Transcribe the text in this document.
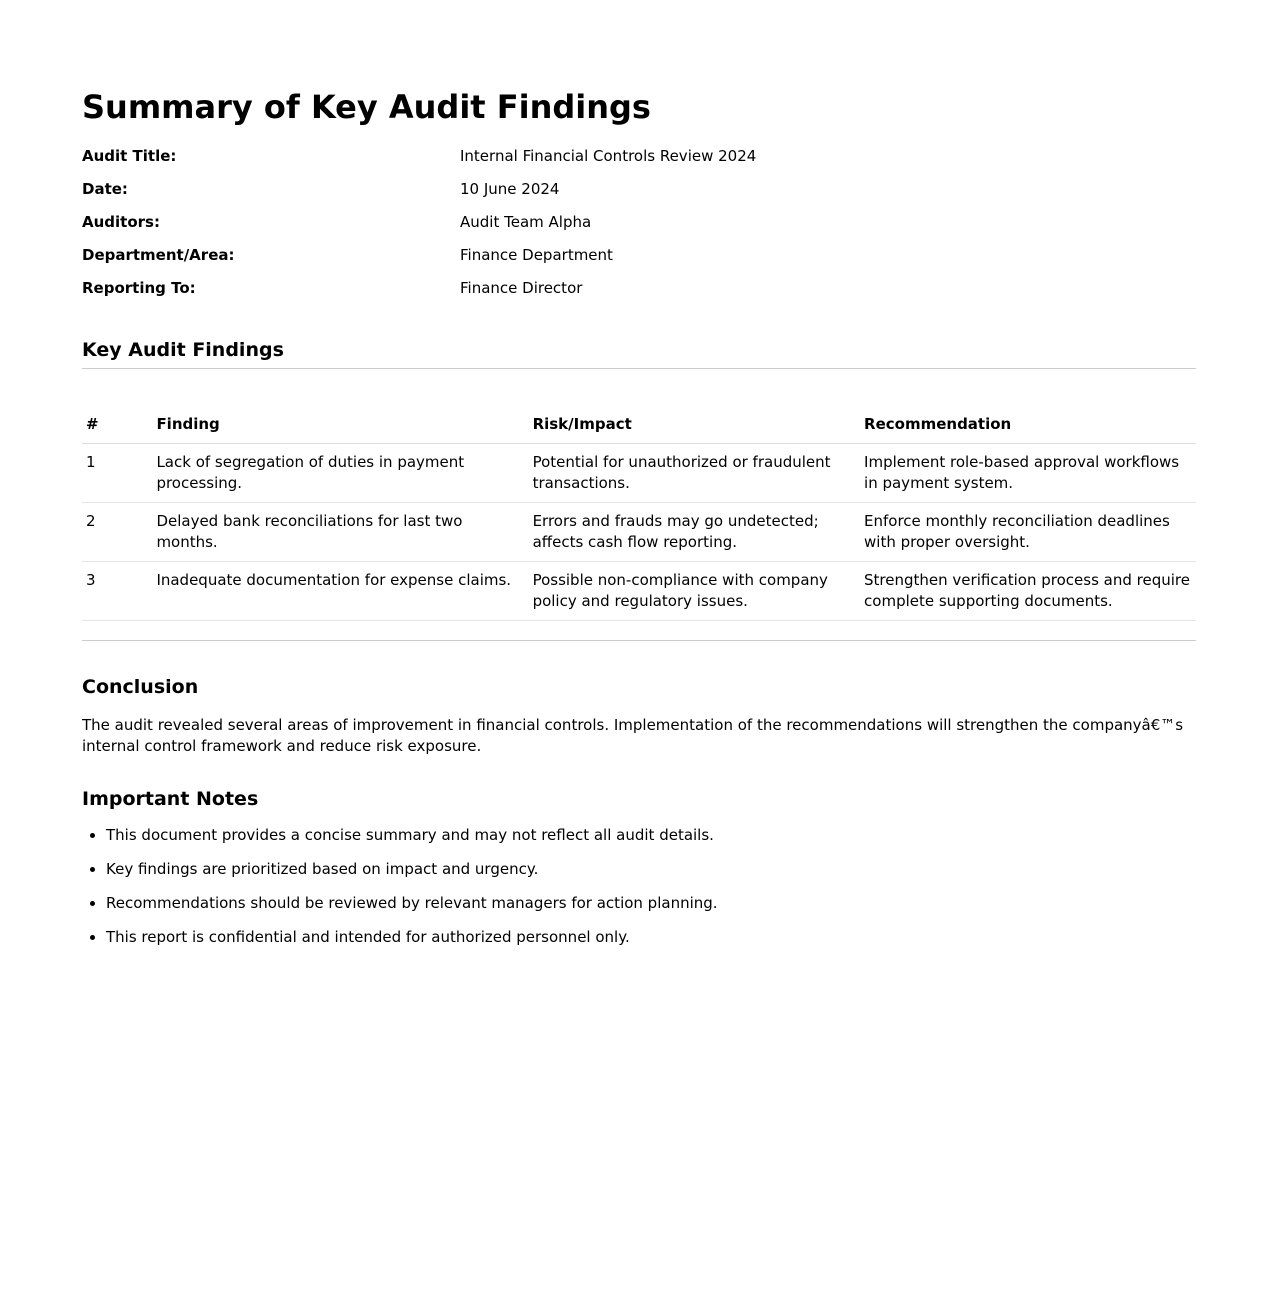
Summary of Key Audit Findings
Audit Title:	Internal Financial Controls Review 2024
Date:	10 June 2024
Auditors:	Audit Team Alpha
Department/Area:	Finance Department
Reporting To:	Finance Director
Key Audit Findings
#	Finding	Risk/Impact	Recommendation
1	Lack of segregation of duties in payment processing.	Potential for unauthorized or fraudulent transactions.	Implement role-based approval workflows in payment system.
2	Delayed bank reconciliations for last two months.	Errors and frauds may go undetected; affects cash flow reporting.	Enforce monthly reconciliation deadlines with proper oversight.
3	Inadequate documentation for expense claims.	Possible non-compliance with company policy and regulatory issues.	Strengthen verification process and require complete supporting documents.
Conclusion

The audit revealed several areas of improvement in financial controls. Implementation of the recommendations will strengthen the companyâ€™s internal control framework and reduce risk exposure.

Important Notes
• This document provides a concise summary and may not reflect all audit details.
• Key findings are prioritized based on impact and urgency.
• Recommendations should be reviewed by relevant managers for action planning.
• This report is confidential and intended for authorized personnel only.
